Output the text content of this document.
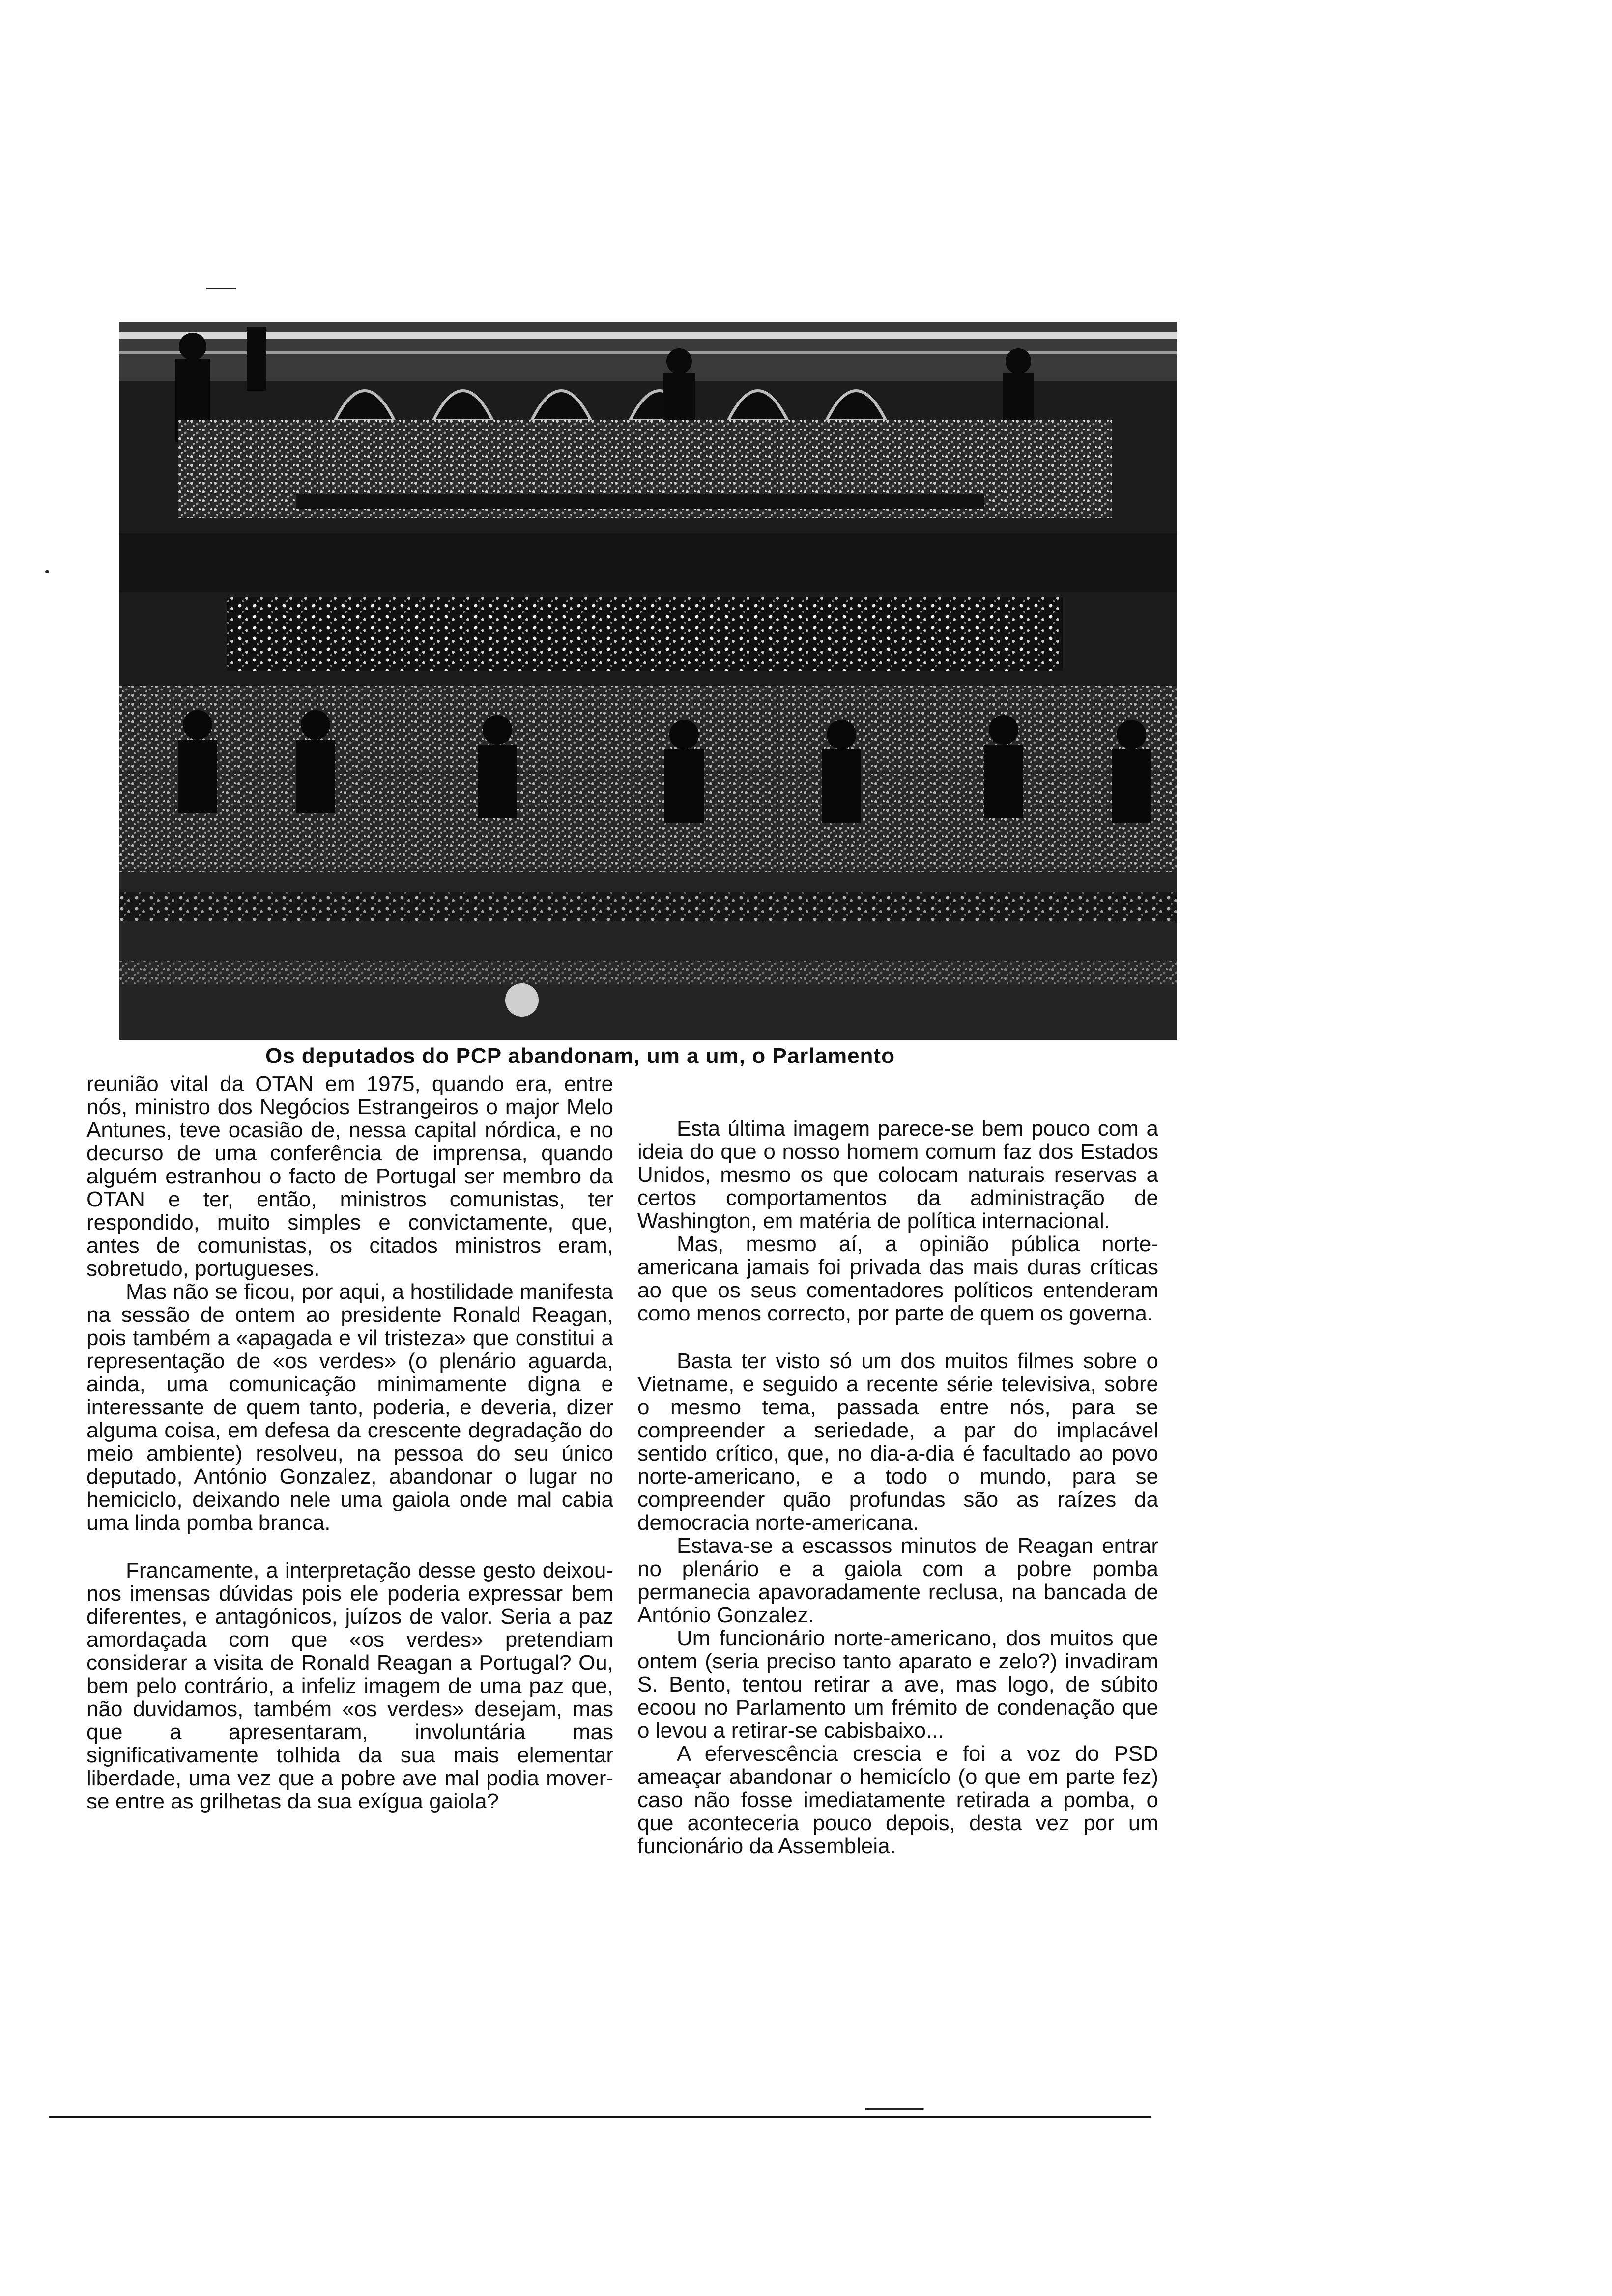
Os deputados do PCP abandonam, um a um, o Parlamento

reunião vital da OTAN em 1975, quando era, entre nós, ministro dos Negócios Estrangeiros o major Melo Antunes, teve ocasião de, nessa capital nórdica, e no decurso de uma conferência de imprensa, quando alguém estranhou o facto de Portugal ser membro da OTAN e ter, então, ministros comunistas, ter respondido, muito simples e convictamente, que, antes de comunistas, os citados ministros eram, sobretudo, portugueses.

Mas não se ficou, por aqui, a hostilidade manifesta na sessão de ontem ao presidente Ronald Reagan, pois também a «apagada e vil tristeza» que constitui a representação de «os verdes» (o plenário aguarda, ainda, uma comunicação minimamente digna e interessante de quem tanto, poderia, e deveria, dizer alguma coisa, em defesa da crescente degradação do meio ambiente) resolveu, na pessoa do seu único deputado, António Gonzalez, abandonar o lugar no hemiciclo, deixando nele uma gaiola onde mal cabia uma linda pomba branca.

Francamente, a interpretação desse gesto deixou-nos imensas dúvidas pois ele poderia expressar bem diferentes, e antagónicos, juízos de valor. Seria a paz amordaçada com que «os verdes» pretendiam considerar a visita de Ronald Reagan a Portugal? Ou, bem pelo contrário, a infeliz imagem de uma paz que, não duvidamos, também «os verdes» desejam, mas que a apresentaram, involuntária mas significativamente tolhida da sua mais elementar liberdade, uma vez que a pobre ave mal podia mover-se entre as grilhetas da sua exígua gaiola?

Esta última imagem parece-se bem pouco com a ideia do que o nosso homem comum faz dos Estados Unidos, mesmo os que colocam naturais reservas a certos comportamentos da administração de Washington, em matéria de política internacional.

Mas, mesmo aí, a opinião pública norte-americana jamais foi privada das mais duras críticas ao que os seus comentadores políticos entenderam como menos correcto, por parte de quem os governa.

Basta ter visto só um dos muitos filmes sobre o Vietname, e seguido a recente série televisiva, sobre o mesmo tema, passada entre nós, para se compreender a seriedade, a par do implacável sentido crítico, que, no dia-a-dia é facultado ao povo norte-americano, e a todo o mundo, para se compreender quão profundas são as raízes da democracia norte-americana.

Estava-se a escassos minutos de Reagan entrar no plenário e a gaiola com a pobre pomba permanecia apavoradamente reclusa, na bancada de António Gonzalez.

Um funcionário norte-americano, dos muitos que ontem (seria preciso tanto aparato e zelo?) invadiram S. Bento, tentou retirar a ave, mas logo, de súbito ecoou no Parlamento um frémito de condenação que o levou a retirar-se cabisbaixo...

A efervescência crescia e foi a voz do PSD ameaçar abandonar o hemicíclo (o que em parte fez) caso não fosse imediatamente retirada a pomba, o que aconteceria pouco depois, desta vez por um funcionário da Assembleia.
